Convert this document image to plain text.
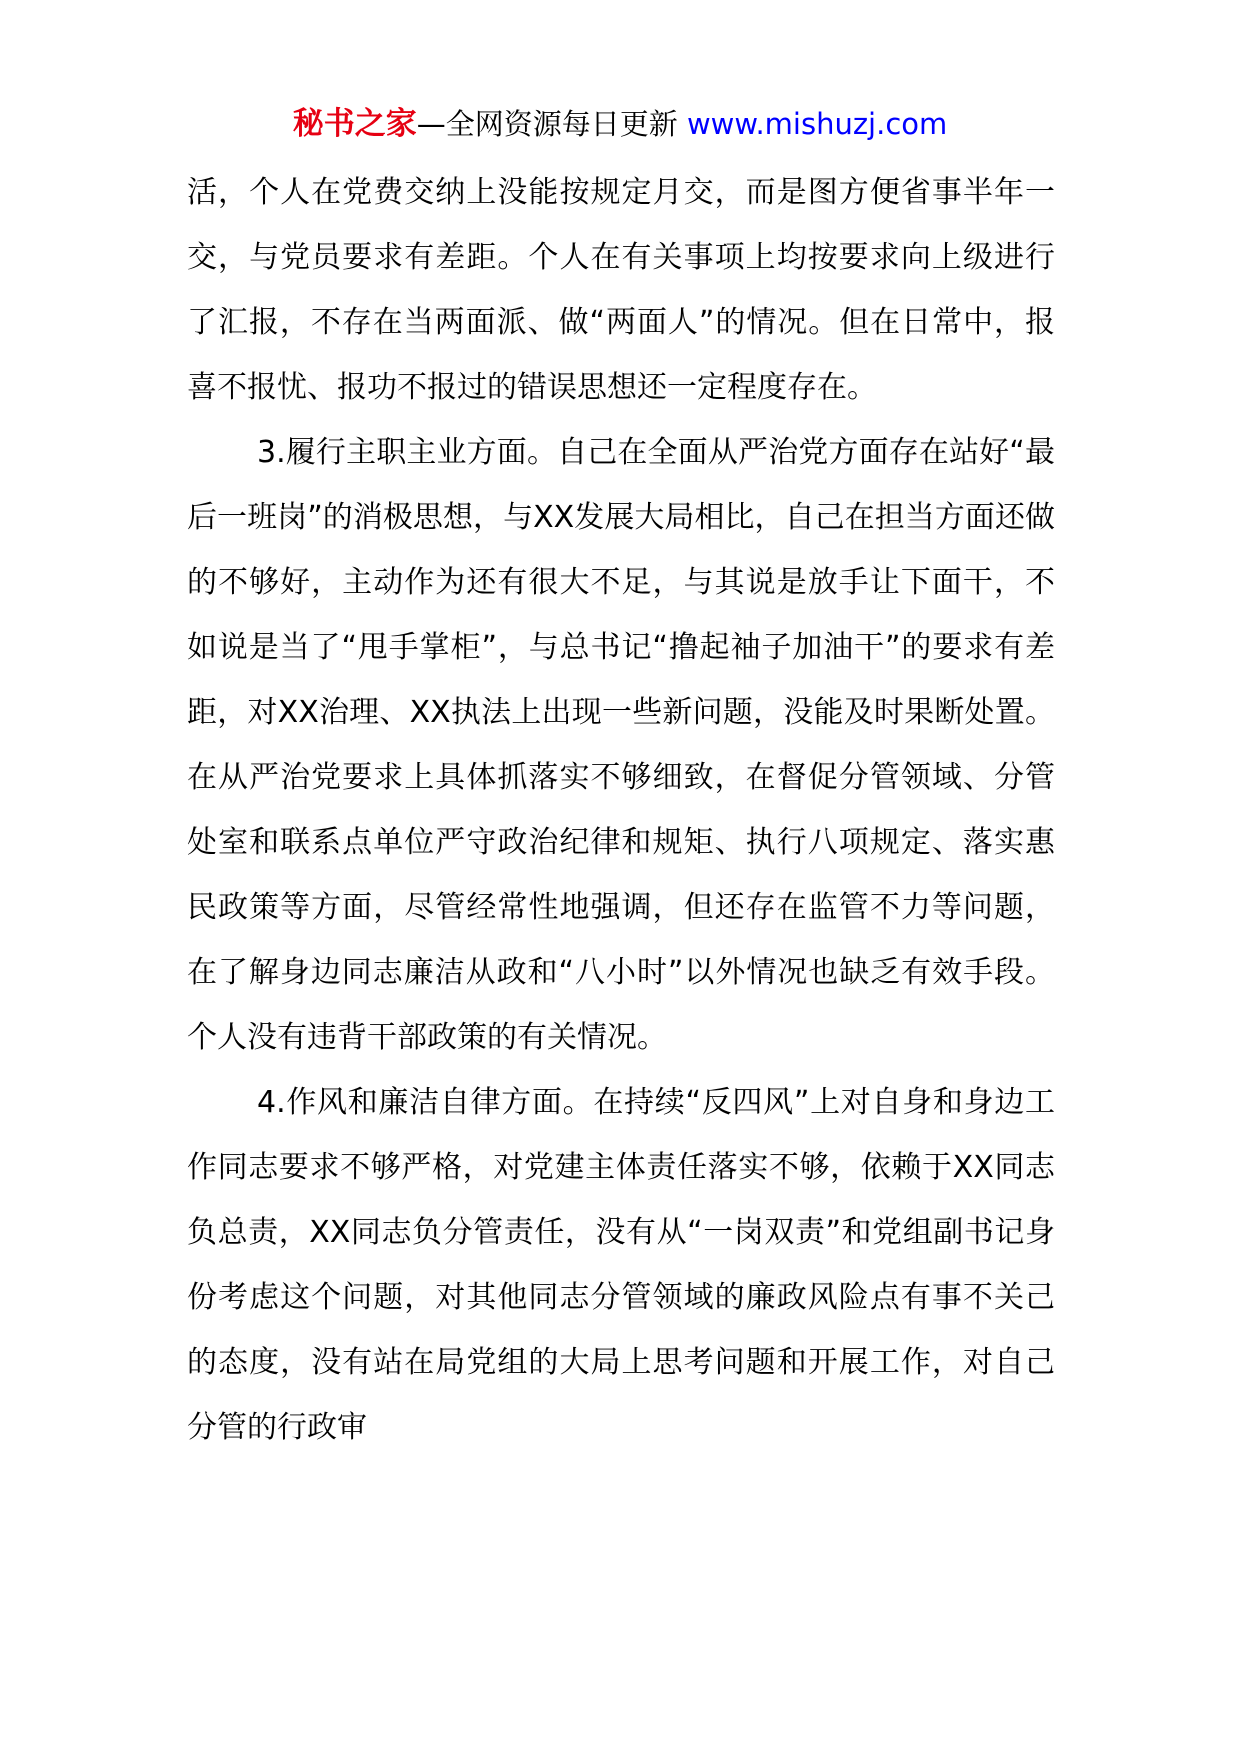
秘书之家—全网资源每日更新 www.mishuzj.com

活，个人在党费交纳上没能按规定月交，而是图方便省事半年一交，与党员要求有差距。个人在有关事项上均按要求向上级进行了汇报，不存在当两面派、做“两面人”的情况。但在日常中，报喜不报忧、报功不报过的错误思想还一定程度存在。

3.履行主职主业方面。自己在全面从严治党方面存在站好“最后一班岗”的消极思想，与XX发展大局相比，自己在担当方面还做的不够好，主动作为还有很大不足，与其说是放手让下面干，不如说是当了“甩手掌柜”，与总书记“撸起袖子加油干”的要求有差距，对XX治理、XX执法上出现一些新问题，没能及时果断处置。在从严治党要求上具体抓落实不够细致，在督促分管领域、分管处室和联系点单位严守政治纪律和规矩、执行八项规定、落实惠民政策等方面，尽管经常性地强调，但还存在监管不力等问题，在了解身边同志廉洁从政和“八小时”以外情况也缺乏有效手段。个人没有违背干部政策的有关情况。

4.作风和廉洁自律方面。在持续“反四风”上对自身和身边工作同志要求不够严格，对党建主体责任落实不够，依赖于XX同志负总责，XX同志负分管责任，没有从“一岗双责”和党组副书记身份考虑这个问题，对其他同志分管领域的廉政风险点有事不关己的态度，没有站在局党组的大局上思考问题和开展工作，对自己分管的行政审
